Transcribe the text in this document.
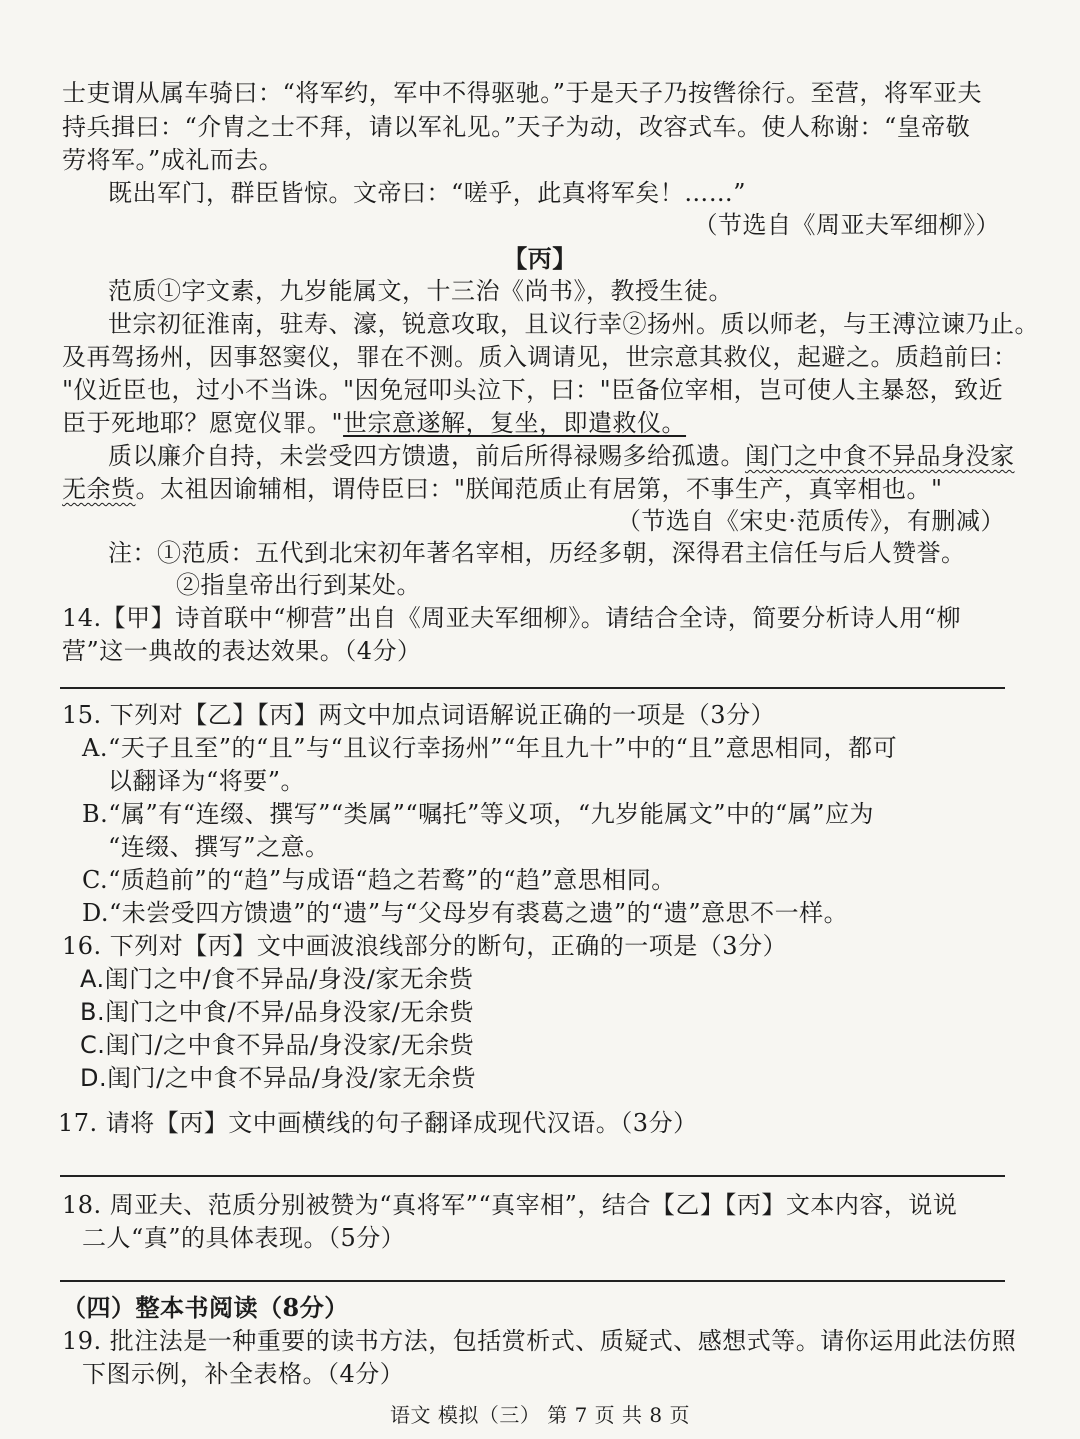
士吏谓从属车骑曰：“将军约，军中不得驱驰。”于是天子乃按辔徐行。至营，将军亚夫
持兵揖曰：“介胄之士不拜，请以军礼见。”天子为动，改容式车。使人称谢：“皇帝敬
劳将军。”成礼而去。
既出军门，群臣皆惊。文帝曰：“嗟乎，此真将军矣！……”
（节选自《周亚夫军细柳》）
【丙】
范质①字文素，九岁能属文，十三治《尚书》，教授生徒。
世宗初征淮南，驻寿、濠，锐意攻取，且议行幸②扬州。质以师老，与王溥泣谏乃止。
及再驾扬州，因事怒窦仪，罪在不测。质入调请见，世宗意其救仪，起避之。质趋前曰：
"仪近臣也，过小不当诛。"因免冠叩头泣下，曰："臣备位宰相，岂可使人主暴怒，致近
臣于死地耶？愿宽仪罪。"世宗意遂解，复坐，即遣救仪。
质以廉介自持，未尝受四方馈遗，前后所得禄赐多给孤遗。闺门之中食不异品身没家
无余赀。太祖因谕辅相，谓侍臣曰："朕闻范质止有居第，不事生产，真宰相也。"
（节选自《宋史·范质传》，有删减）
注：①范质：五代到北宋初年著名宰相，历经多朝，深得君主信任与后人赞誉。
②指皇帝出行到某处。
14.【甲】诗首联中“柳营”出自《周亚夫军细柳》。请结合全诗，简要分析诗人用“柳
营”这一典故的表达效果。（4分）
15. 下列对【乙】【丙】两文中加点词语解说正确的一项是（3分）
A.“天子且至”的“且”与“且议行幸扬州”“年且九十”中的“且”意思相同，都可
以翻译为“将要”。
B.“属”有“连缀、撰写”“类属”“嘱托”等义项，“九岁能属文”中的“属”应为
“连缀、撰写”之意。
C.“质趋前”的“趋”与成语“趋之若鹜”的“趋”意思相同。
D.“未尝受四方馈遗”的“遗”与“父母岁有裘葛之遗”的“遗”意思不一样。
16. 下列对【丙】文中画波浪线部分的断句，正确的一项是（3分）
A.闺门之中/食不异品/身没/家无余赀
B.闺门之中食/不异/品身没家/无余赀
C.闺门/之中食不异品/身没家/无余赀
D.闺门/之中食不异品/身没/家无余赀
17. 请将【丙】文中画横线的句子翻译成现代汉语。（3分）
18. 周亚夫、范质分别被赞为“真将军”“真宰相”，结合【乙】【丙】文本内容，说说
二人“真”的具体表现。（5分）
（四）整本书阅读（8分）
19. 批注法是一种重要的读书方法，包括赏析式、质疑式、感想式等。请你运用此法仿照
下图示例，补全表格。（4分）
语文 模拟（三） 第 7 页 共 8 页
